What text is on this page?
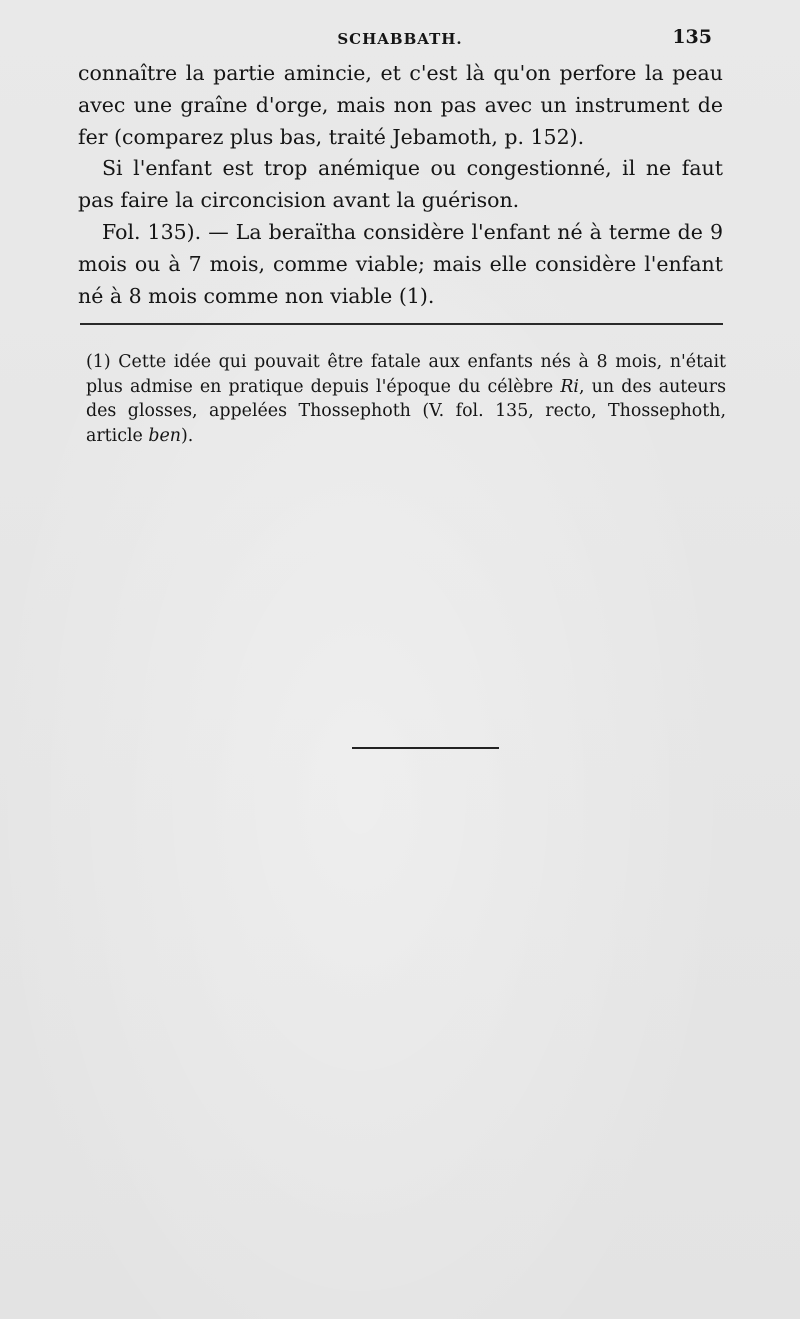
SCHABBATH.	135

connaître la partie amincie, et c'est là qu'on perfore la peau avec une graîne d'orge, mais non pas avec un instrument de fer (comparez plus bas, traité Jebamoth, p. 152).

Si l'enfant est trop anémique ou congestionné, il ne faut pas faire la circoncision avant la guérison.

Fol. 135). — La beraïtha considère l'enfant né à terme de 9 mois ou à 7 mois, comme viable; mais elle considère l'enfant né à 8 mois comme non viable (1).

(1) Cette idée qui pouvait être fatale aux enfants nés à 8 mois, n'était plus admise en pratique depuis l'époque du célèbre Ri, un des auteurs des glosses, appelées Thossephoth (V. fol. 135, recto, Thossephoth, article ben).
